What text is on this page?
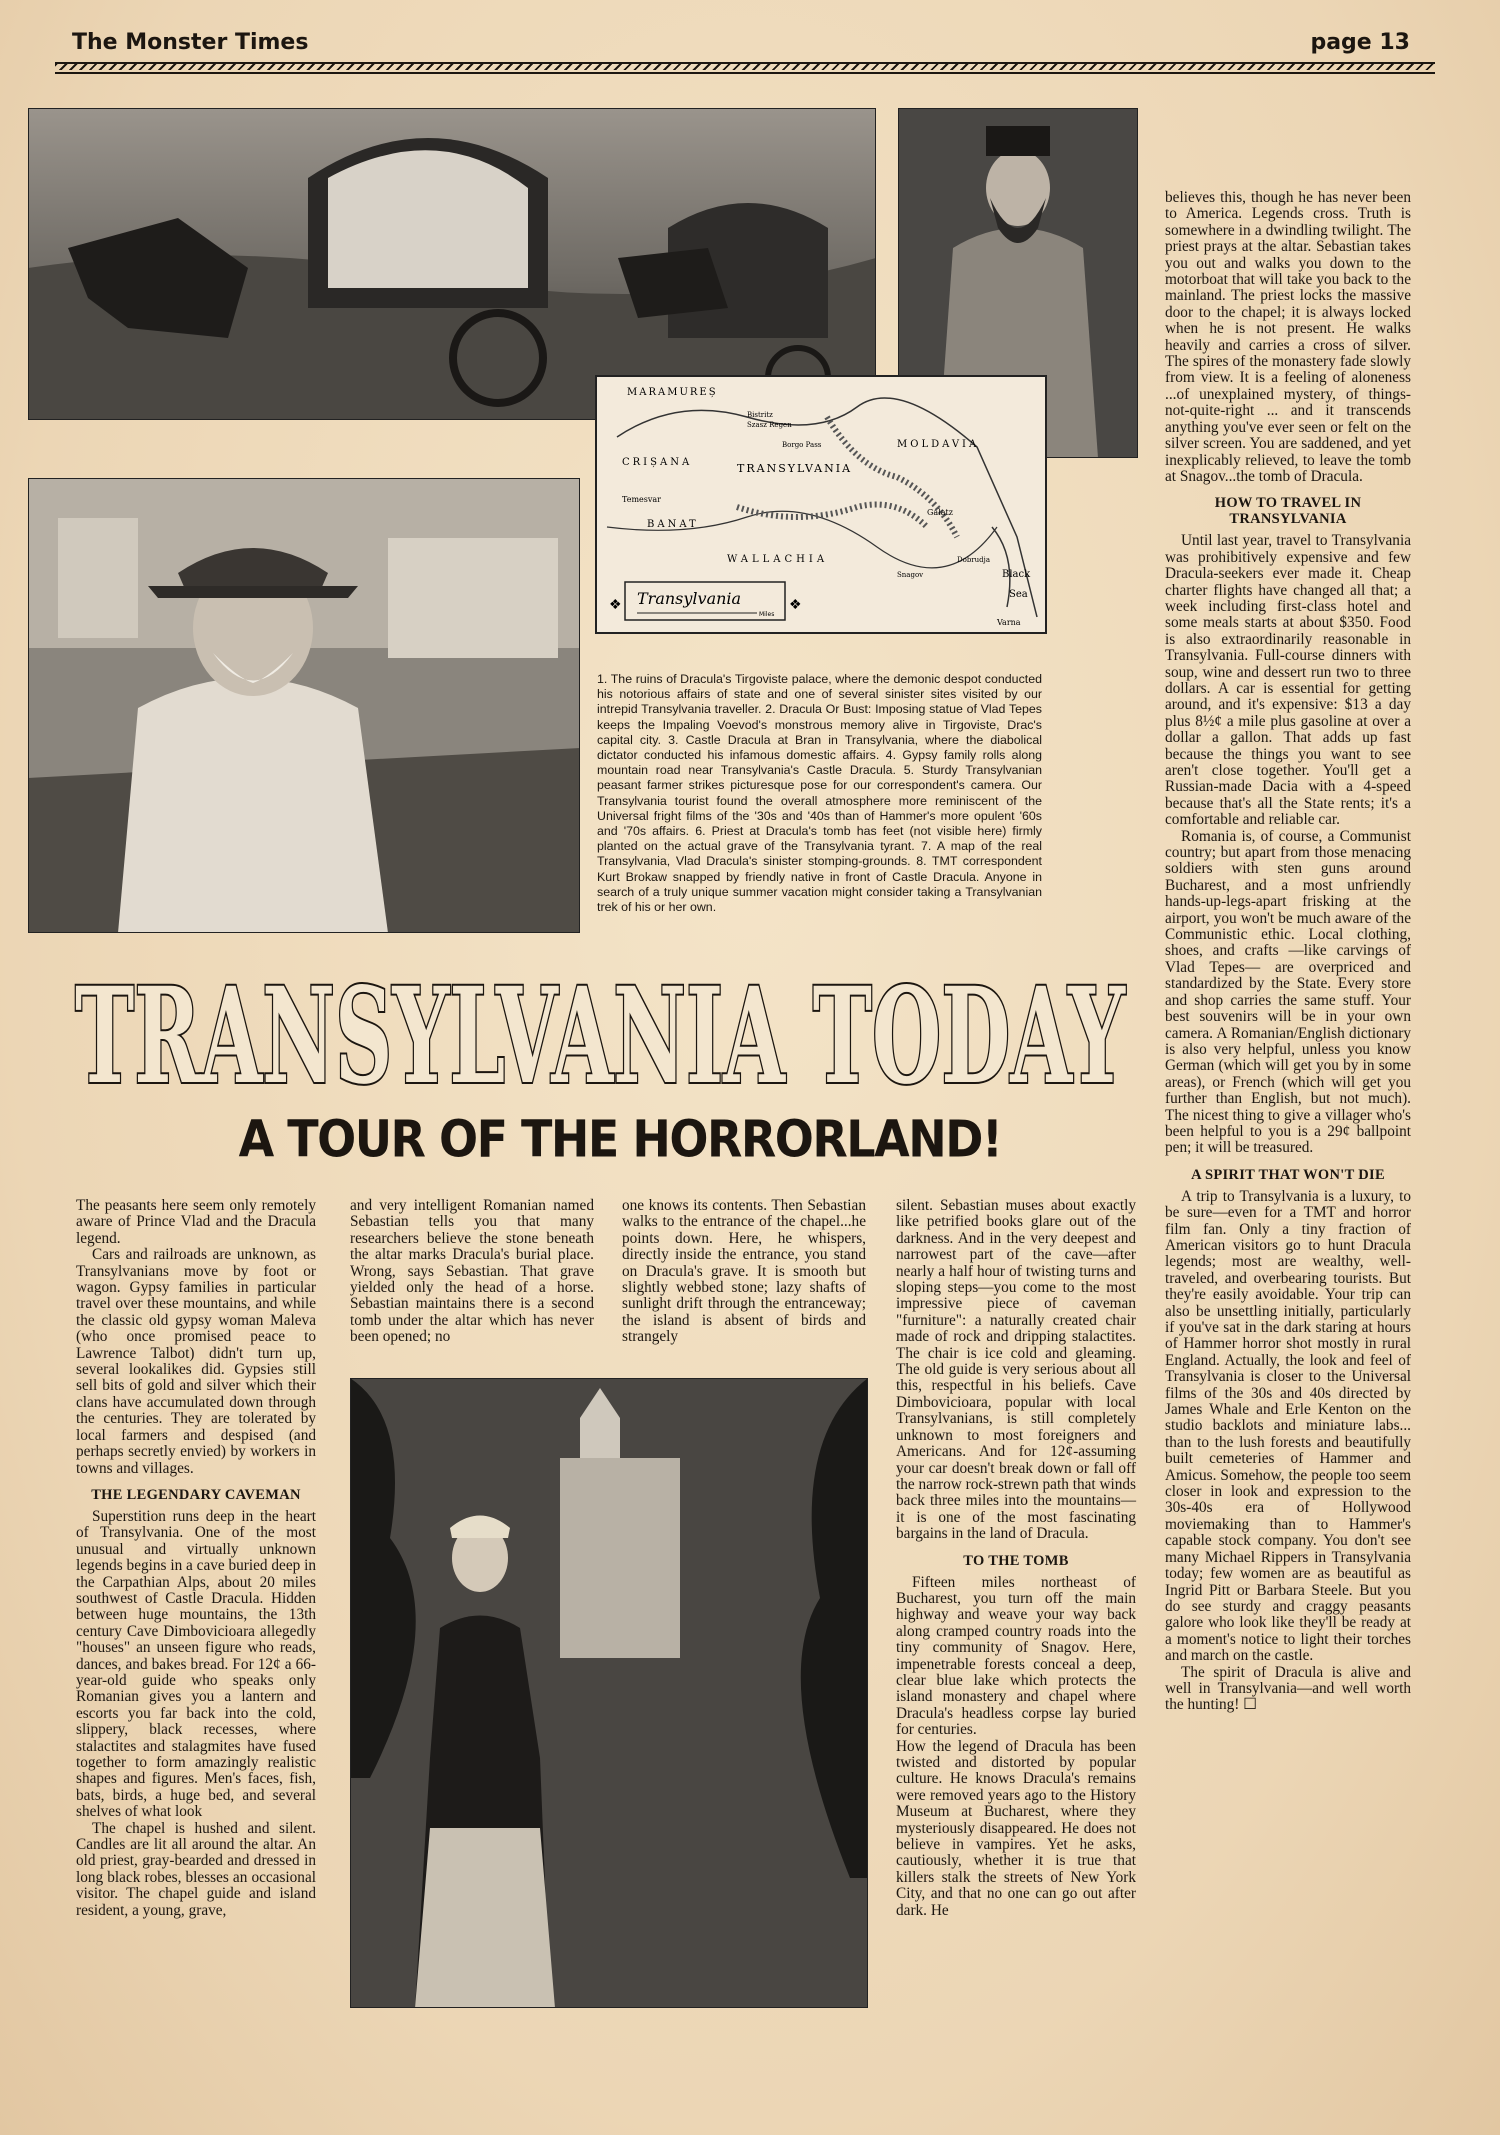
The Monster Times	page 13
MARAMUREȘ
CRIȘANA	TRANSYLVANIA
BANAT
WALLACHIA
MOLDAVIA
Black
Sea
Temesvar
Galatz
Varna
Bistritz
Szasz Regen
Borgo Pass
Snagov
Dobrudja
Transylvania
Miles
❖	❖
1. The ruins of Dracula's Tirgoviste palace, where the demonic despot conducted his notorious affairs of state and one of several sinister sites visited by our intrepid Transylvania traveller. 2. Dracula Or Bust: Imposing statue of Vlad Tepes keeps the Impaling Voevod's monstrous memory alive in Tirgoviste, Drac's capital city. 3. Castle Dracula at Bran in Transylvania, where the diabolical dictator conducted his infamous domestic affairs. 4. Gypsy family rolls along mountain road near Transylvania's Castle Dracula. 5. Sturdy Transylvanian peasant farmer strikes picturesque pose for our correspondent's camera. Our Transylvania tourist found the overall atmosphere more reminiscent of the Universal fright films of the '30s and '40s than of Hammer's more opulent '60s and '70s affairs. 6. Priest at Dracula's tomb has feet (not visible here) firmly planted on the actual grave of the Transylvania tyrant. 7. A map of the real Transylvania, Vlad Dracula's sinister stomping-grounds. 8. TMT correspondent Kurt Brokaw snapped by friendly native in front of Castle Dracula. Anyone in search of a truly unique summer vacation might consider taking a Transylvanian trek of his or her own.

believes this, though he has never been to America. Legends cross. Truth is somewhere in a dwindling twilight. The priest prays at the altar. Sebastian takes you out and walks you down to the motorboat that will take you back to the mainland. The priest locks the massive door to the chapel; it is always locked when he is not present. He walks heavily and carries a cross of silver. The spires of the monastery fade slowly from view. It is a feeling of aloneness ...of unexplained mystery, of things-not-quite-right ... and it transcends anything you've ever seen or felt on the silver screen. You are saddened, and yet inexplicably relieved, to leave the tomb at Snagov...the tomb of Dracula.

HOW TO TRAVEL IN TRANSYLVANIA

Until last year, travel to Transylvania was prohibitively expensive and few Dracula-seekers ever made it. Cheap charter flights have changed all that; a week including first-class hotel and some meals starts at about $350. Food is also extraordinarily reasonable in Transylvania. Full-course dinners with soup, wine and dessert run two to three dollars. A car is essential for getting around, and it's expensive: $13 a day plus 8½¢ a mile plus gasoline at over a dollar a gallon. That adds up fast because the things you want to see aren't close together. You'll get a Russian-made Dacia with a 4-speed because that's all the State rents; it's a comfortable and reliable car.

Romania is, of course, a Communist country; but apart from those menacing soldiers with sten guns around Bucharest, and a most unfriendly hands-up-legs-apart frisking at the airport, you won't be much aware of the Communistic ethic. Local clothing, shoes, and crafts —like carvings of Vlad Tepes— are overpriced and standardized by the State. Every store and shop carries the same stuff. Your best souvenirs will be in your own camera. A Romanian/English dictionary is also very helpful, unless you know German (which will get you by in some areas), or French (which will get you further than English, but not much). The nicest thing to give a villager who's been helpful to you is a 29¢ ballpoint pen; it will be treasured.

A SPIRIT THAT WON'T DIE

A trip to Transylvania is a luxury, to be sure—even for a TMT and horror film fan. Only a tiny fraction of American visitors go to hunt Dracula legends; most are wealthy, well-traveled, and overbearing tourists. But they're easily avoidable. Your trip can also be unsettling initially, particularly if you've sat in the dark staring at hours of Hammer horror shot mostly in rural England. Actually, the look and feel of Transylvania is closer to the Universal films of the 30s and 40s directed by James Whale and Erle Kenton on the studio backlots and miniature labs... than to the lush forests and beautifully built cemeteries of Hammer and Amicus. Somehow, the people too seem closer in look and expression to the 30s-40s era of Hollywood moviemaking than to Hammer's capable stock company. You don't see many Michael Rippers in Transylvania today; few women are as beautiful as Ingrid Pitt or Barbara Steele. But you do see sturdy and craggy peasants galore who look like they'll be ready at a moment's notice to light their torches and march on the castle.

The spirit of Dracula is alive and well in Transylvania—and well worth the hunting! ☐

TRANSYLVANIA TODAY
A TOUR OF THE HORRORLAND!

The peasants here seem only remotely aware of Prince Vlad and the Dracula legend.

Cars and railroads are unknown, as Transylvanians move by foot or wagon. Gypsy families in particular travel over these mountains, and while the classic old gypsy woman Maleva (who once promised peace to Lawrence Talbot) didn't turn up, several lookalikes did. Gypsies still sell bits of gold and silver which their clans have accumulated down through the centuries. They are tolerated by local farmers and despised (and perhaps secretly envied) by workers in towns and villages.

THE LEGENDARY CAVEMAN

Superstition runs deep in the heart of Transylvania. One of the most unusual and virtually unknown legends begins in a cave buried deep in the Carpathian Alps, about 20 miles southwest of Castle Dracula. Hidden between huge mountains, the 13th century Cave Dimbovicioara allegedly "houses" an unseen figure who reads, dances, and bakes bread. For 12¢ a 66-year-old guide who speaks only Romanian gives you a lantern and escorts you far back into the cold, slippery, black recesses, where stalactites and stalagmites have fused together to form amazingly realistic shapes and figures. Men's faces, fish, bats, birds, a huge bed, and several shelves of what look

The chapel is hushed and silent. Candles are lit all around the altar. An old priest, gray-bearded and dressed in long black robes, blesses an occasional visitor. The chapel guide and island resident, a young, grave,

and very intelligent Romanian named Sebastian tells you that many researchers believe the stone beneath the altar marks Dracula's burial place. Wrong, says Sebastian. That grave yielded only the head of a horse. Sebastian maintains there is a second tomb under the altar which has never been opened; no

one knows its contents. Then Sebastian walks to the entrance of the chapel...he points down. Here, he whispers, directly inside the entrance, you stand on Dracula's grave. It is smooth but slightly webbed stone; lazy shafts of sunlight drift through the entranceway; the island is absent of birds and strangely

silent. Sebastian muses about exactly like petrified books glare out of the darkness. And in the very deepest and narrowest part of the cave—after nearly a half hour of twisting turns and sloping steps—you come to the most impressive piece of caveman "furniture": a naturally created chair made of rock and dripping stalactites. The chair is ice cold and gleaming. The old guide is very serious about all this, respectful in his beliefs. Cave Dimbovicioara, popular with local Transylvanians, is still completely unknown to most foreigners and Americans. And for 12¢-assuming your car doesn't break down or fall off the narrow rock-strewn path that winds back three miles into the mountains—it is one of the most fascinating bargains in the land of Dracula.

TO THE TOMB

Fifteen miles northeast of Bucharest, you turn off the main highway and weave your way back along cramped country roads into the tiny community of Snagov. Here, impenetrable forests conceal a deep, clear blue lake which protects the island monastery and chapel where Dracula's headless corpse lay buried for centuries.

How the legend of Dracula has been twisted and distorted by popular culture. He knows Dracula's remains were removed years ago to the History Museum at Bucharest, where they mysteriously disappeared. He does not believe in vampires. Yet he asks, cautiously, whether it is true that killers stalk the streets of New York City, and that no one can go out after dark. He
